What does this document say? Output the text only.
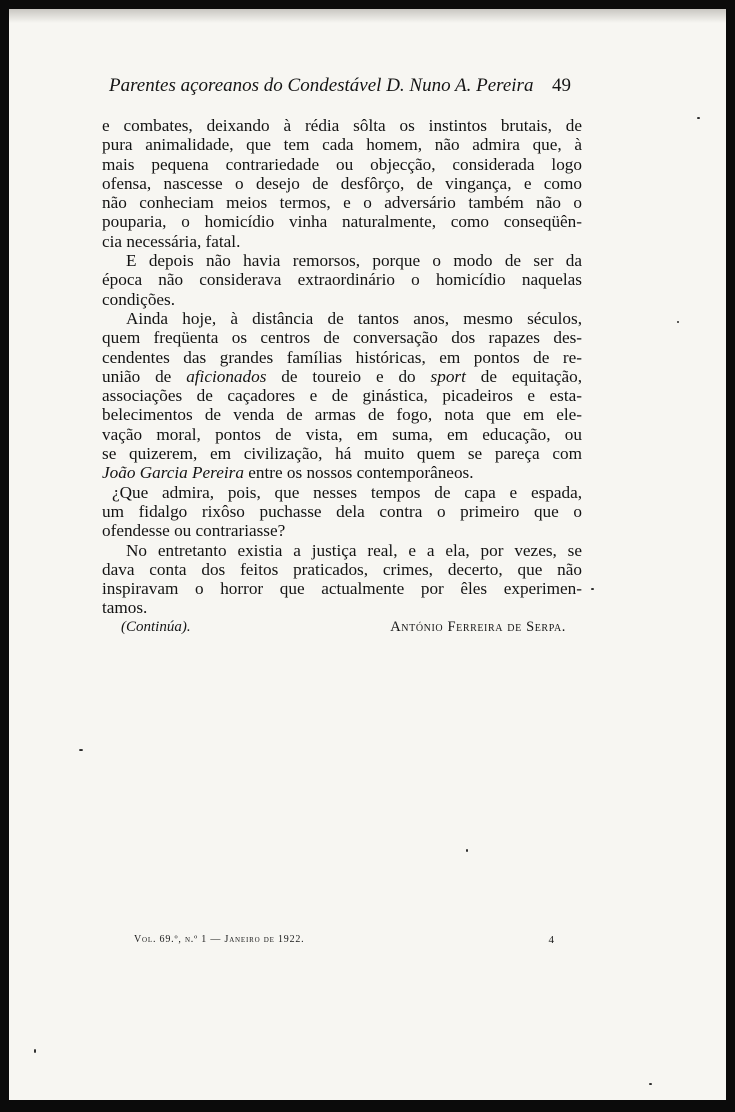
Parentes açoreanos do Condestável D. Nuno A. Pereira 49
e combates, deixando à rédia sôlta os instintos brutais, de
pura animalidade, que tem cada homem, não admira que, à
mais pequena contrariedade ou objecção, considerada logo
ofensa, nascesse o desejo de desfôrço, de vingança, e como
não conheciam meios termos, e o adversário também não o
pouparia, o homicídio vinha naturalmente, como conseqüên-
cia necessária, fatal.
E depois não havia remorsos, porque o modo de ser da
época não considerava extraordinário o homicídio naquelas
condições.
Ainda hoje, à distância de tantos anos, mesmo séculos,
quem freqüenta os centros de conversação dos rapazes des-
cendentes das grandes famílias históricas, em pontos de re-
união de aficionados de toureio e do sport de equitação,
associações de caçadores e de ginástica, picadeiros e esta-
belecimentos de venda de armas de fogo, nota que em ele-
vação moral, pontos de vista, em suma, em educação, ou
se quizerem, em civilização, há muito quem se pareça com
João Garcia Pereira entre os nossos contemporâneos.
¿Que admira, pois, que nesses tempos de capa e espada,
um fidalgo rixôso puchasse dela contra o primeiro que o
ofendesse ou contrariasse?
No entretanto existia a justiça real, e a ela, por vezes, se
dava conta dos feitos praticados, crimes, decerto, que não
inspiravam o horror que actualmente por êles experimen-
tamos.
(Continúa).	António Ferreira de Serpa.
Vol. 69.º, n.º 1 — Janeiro de 1922.	4
